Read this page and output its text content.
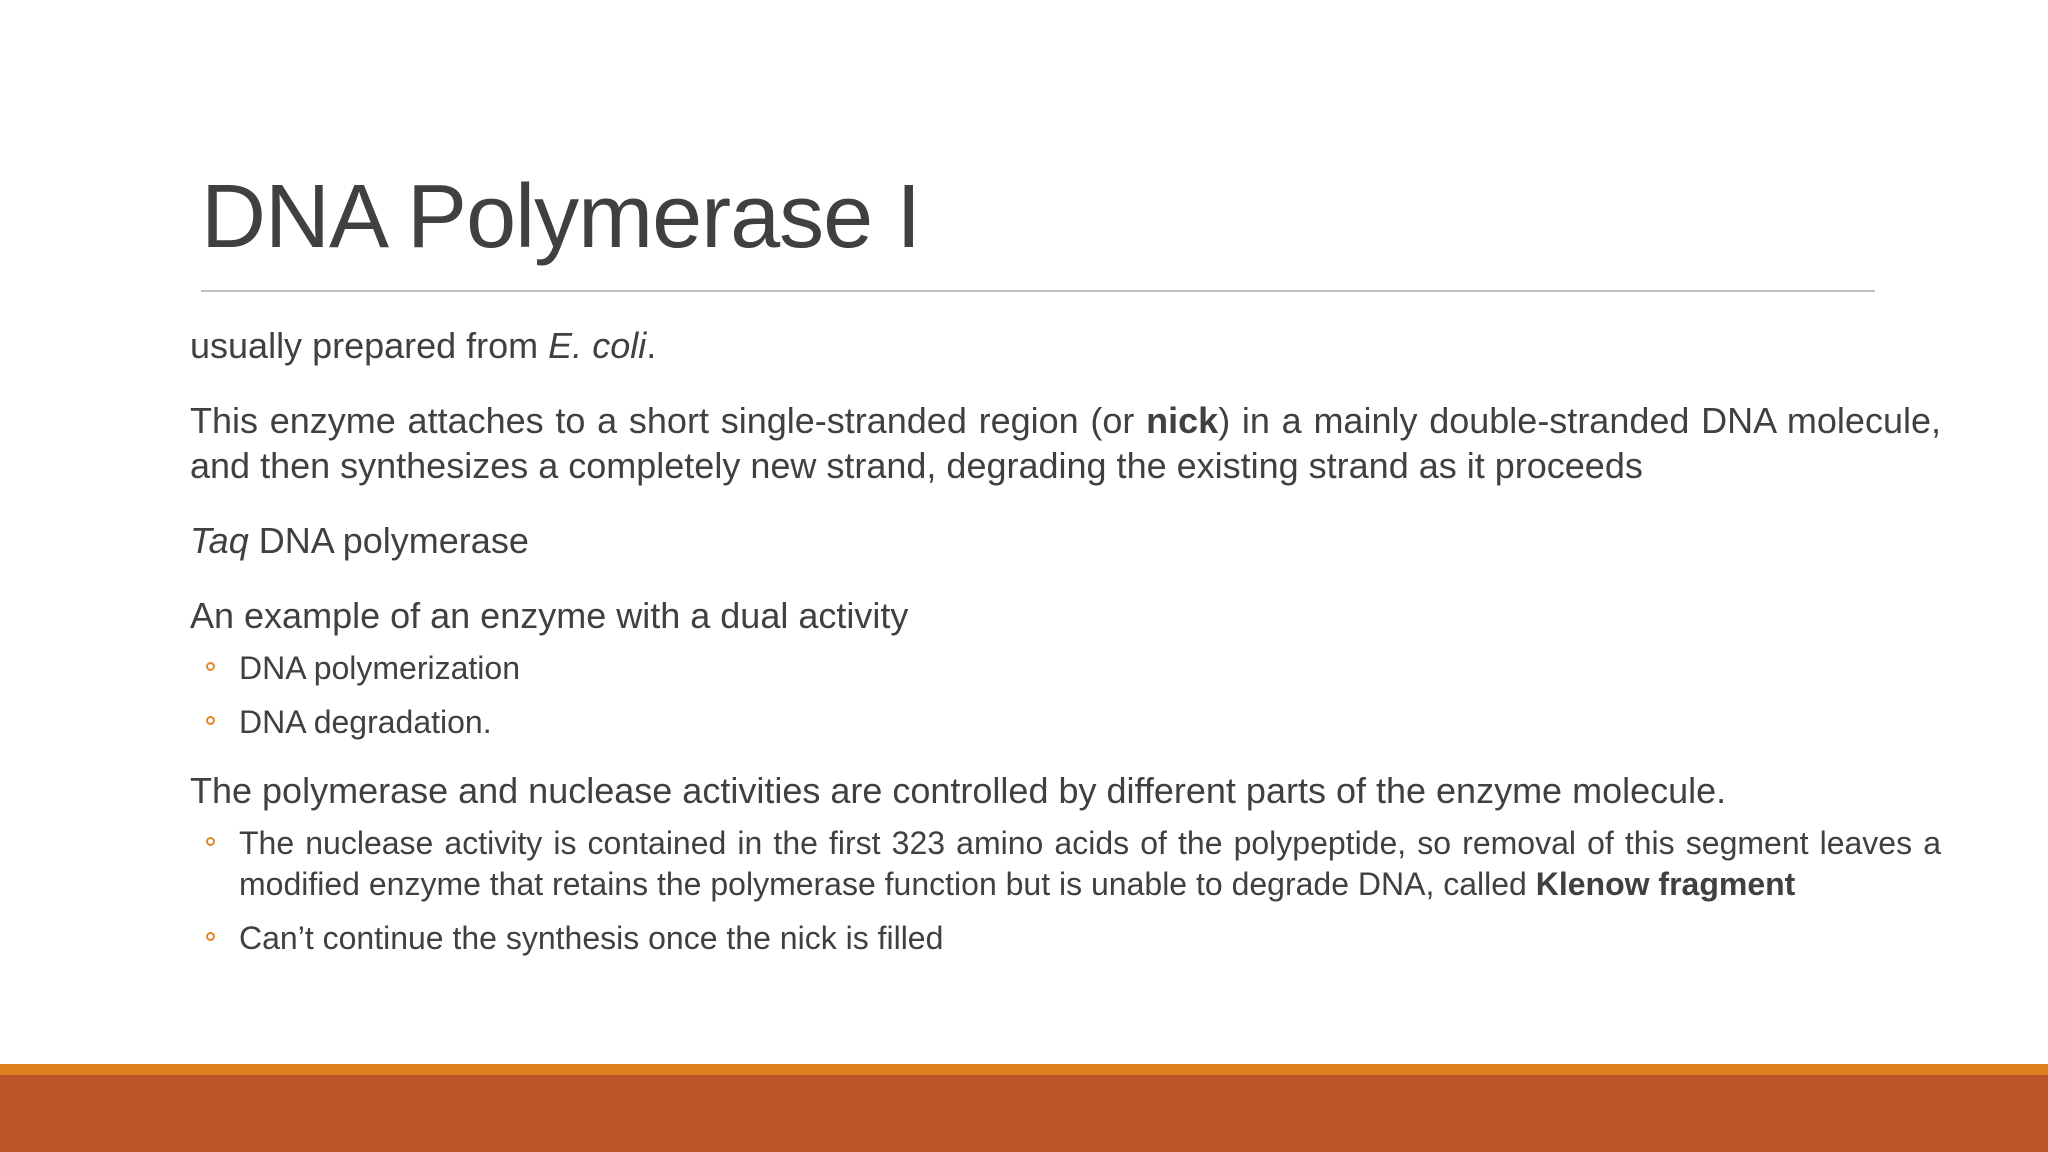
DNA Polymerase I

usually prepared from E. coli.

This enzyme attaches to a short single-stranded region (or nick) in a mainly double-stranded DNA molecule, and then synthesizes a completely new strand, degrading the existing strand as it proceeds

Taq DNA polymerase

An example of an enzyme with a dual activity

DNA polymerization
DNA degradation.

The polymerase and nuclease activities are controlled by different parts of the enzyme molecule.

The nuclease activity is contained in the first 323 amino acids of the polypeptide, so removal of this segment leaves a modified enzyme that retains the polymerase function but is unable to degrade DNA, called Klenow fragment
Can’t continue the synthesis once the nick is filled
